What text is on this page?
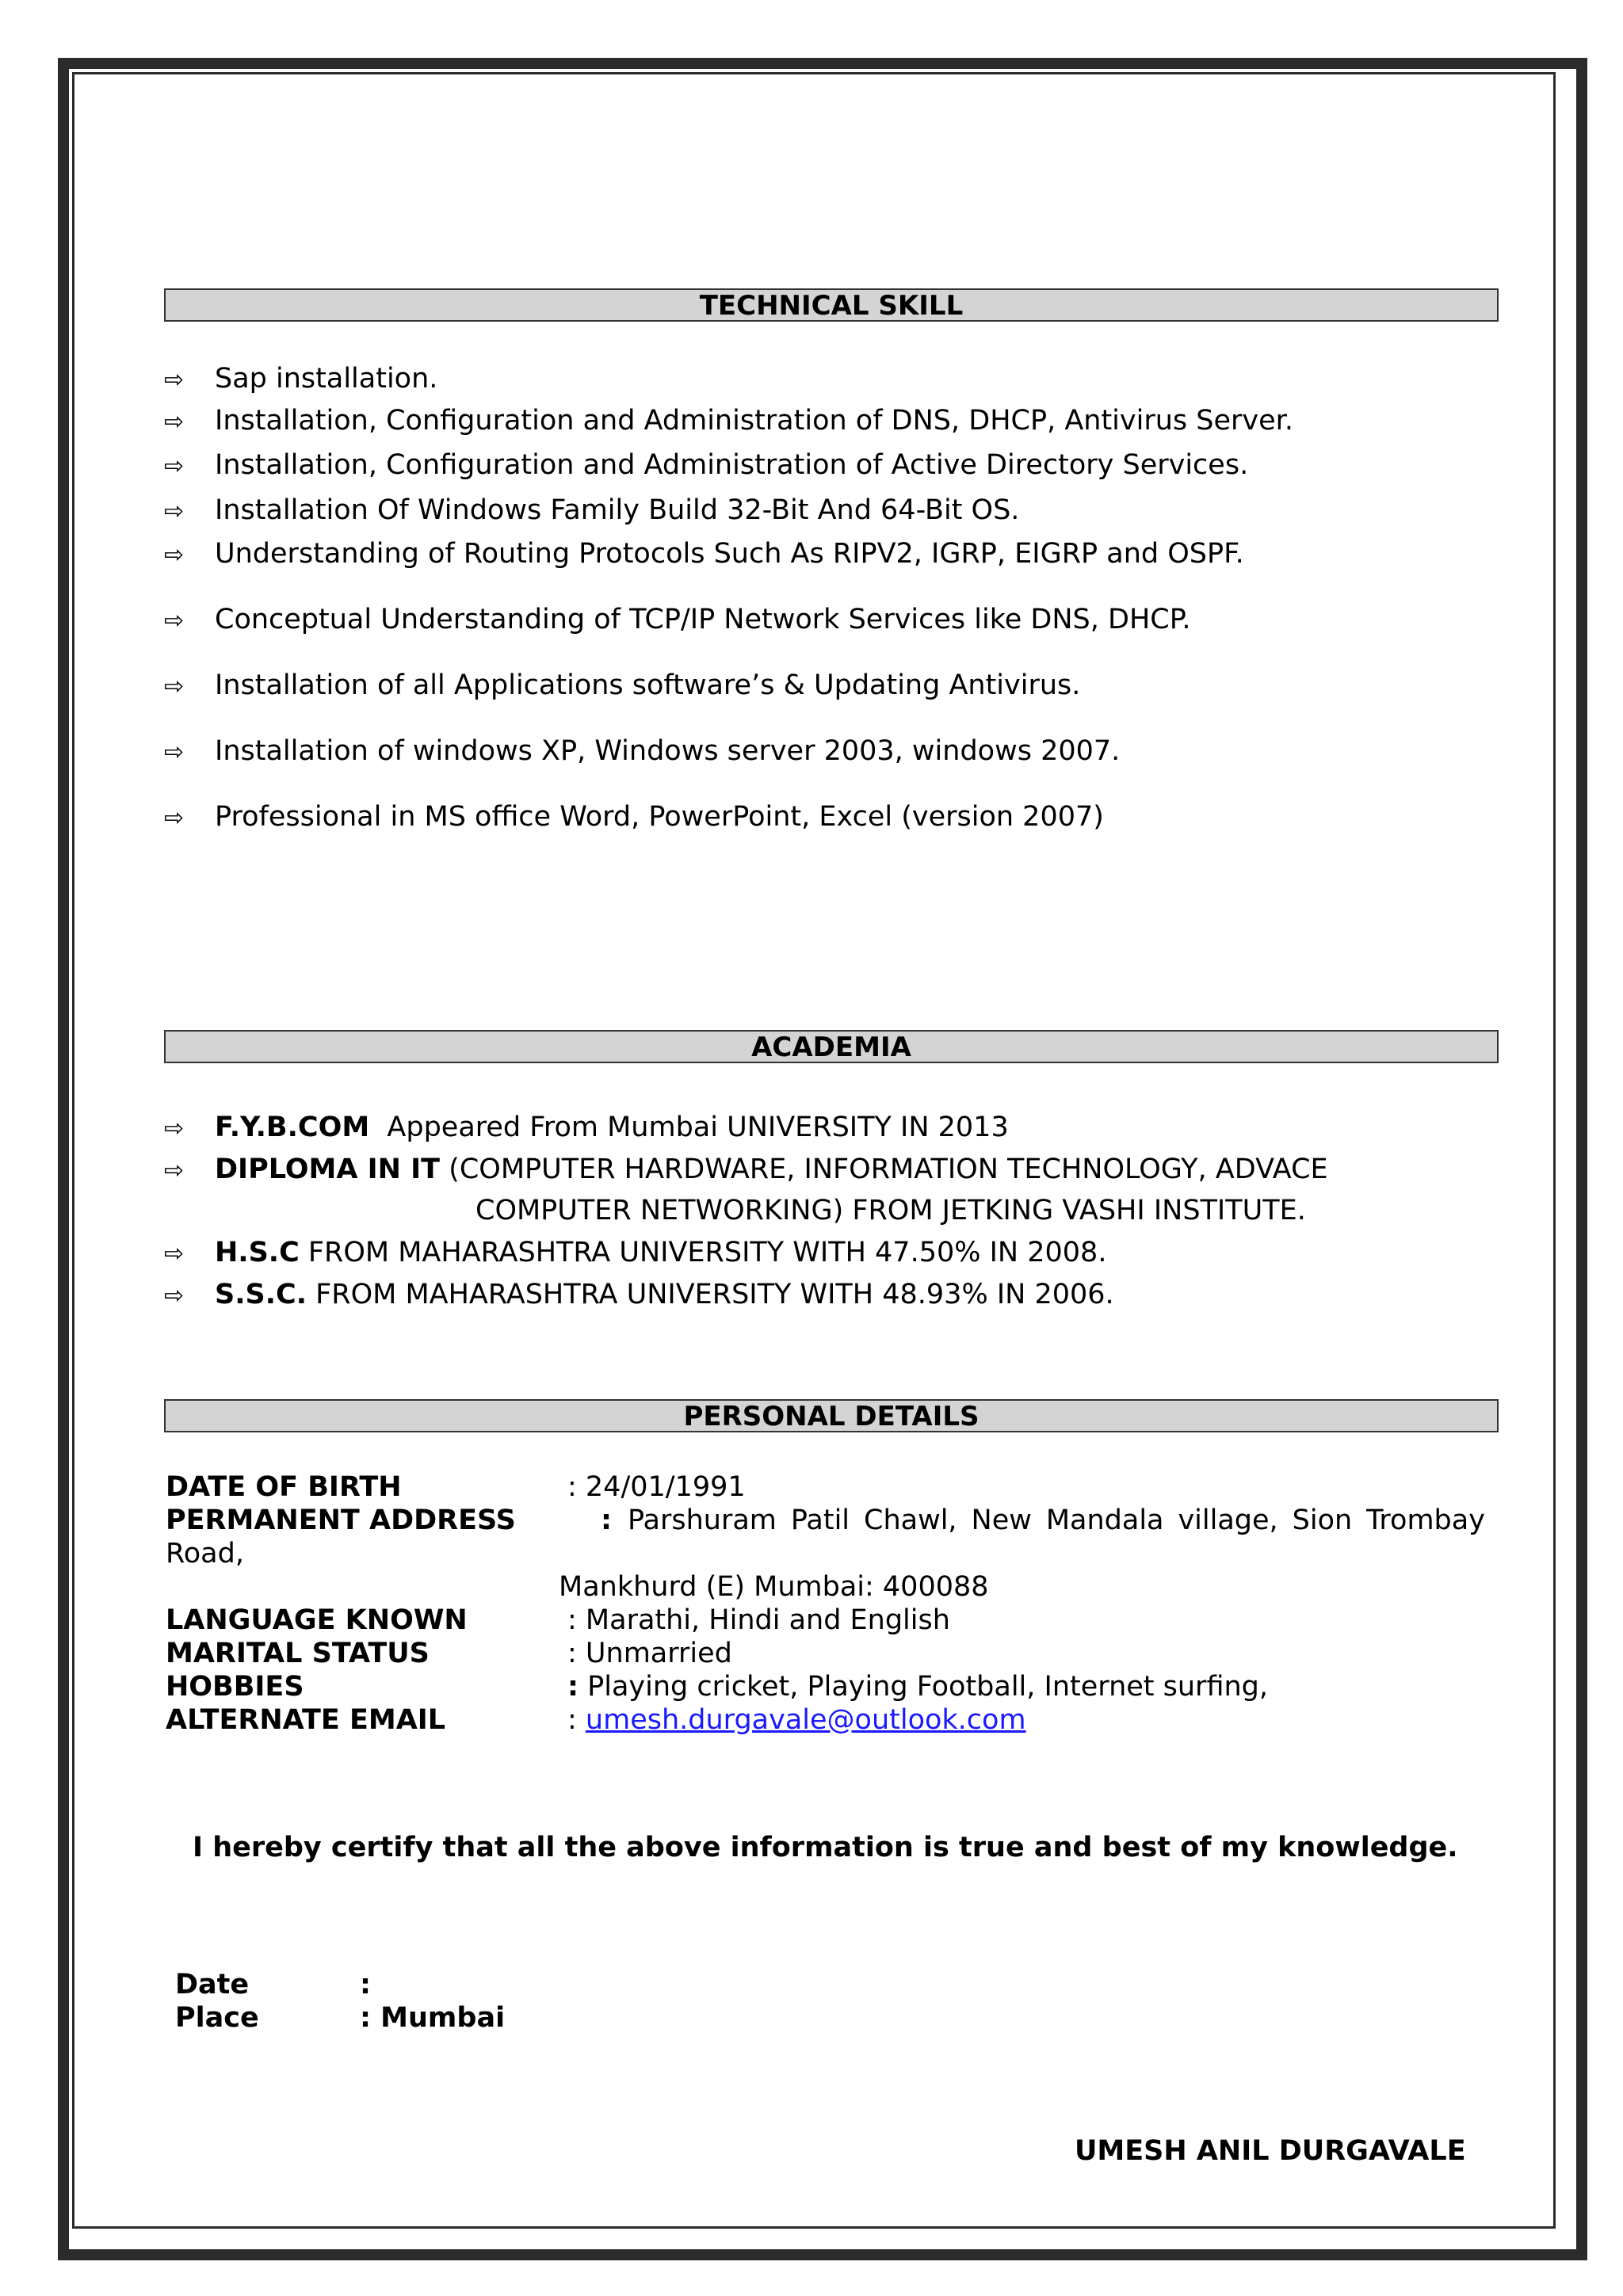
TECHNICAL SKILL
⇨ Sap installation.
⇨ Installation, Configuration and Administration of DNS, DHCP, Antivirus Server.
⇨ Installation, Configuration and Administration of Active Directory Services.
⇨ Installation Of Windows Family Build 32-Bit And 64-Bit OS.
⇨ Understanding of Routing Protocols Such As RIPV2, IGRP, EIGRP and OSPF.
⇨ Conceptual Understanding of TCP/IP Network Services like DNS, DHCP.
⇨ Installation of all Applications software’s & Updating Antivirus.
⇨ Installation of windows XP, Windows server 2003, windows 2007.
⇨ Professional in MS office Word, PowerPoint, Excel (version 2007)
ACADEMIA
⇨ F.Y.B.COM  Appeared From Mumbai UNIVERSITY IN 2013
⇨ DIPLOMA IN IT (COMPUTER HARDWARE, INFORMATION TECHNOLOGY, ADVACE
COMPUTER NETWORKING) FROM JETKING VASHI INSTITUTE.
⇨ H.S.C FROM MAHARASHTRA UNIVERSITY WITH 47.50% IN 2008.
⇨ S.S.C. FROM MAHARASHTRA UNIVERSITY WITH 48.93% IN 2006.
PERSONAL DETAILS
DATE OF BIRTH	: 24/01/1991
PERMANENT ADDRESS	: Parshuram Patil Chawl, New Mandala village, Sion Trombay
Road,
Mankhurd (E) Mumbai: 400088
LANGUAGE KNOWN	: Marathi, Hindi and English
MARITAL STATUS	: Unmarried
HOBBIES	: Playing cricket, Playing Football, Internet surfing,
ALTERNATE EMAIL	: umesh.durgavale@outlook.com
I hereby certify that all the above information is true and best of my knowledge.
Date	:
Place	: Mumbai
UMESH ANIL DURGAVALE
